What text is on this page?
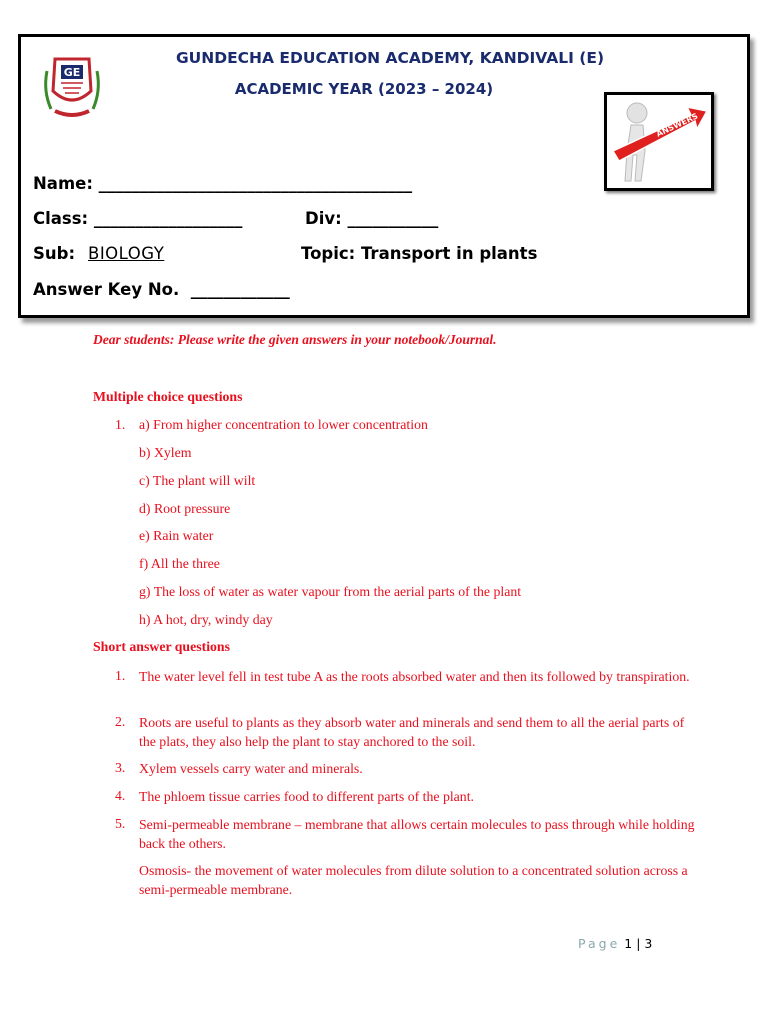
GE
GUNDECHA EDUCATION ACADEMY, KANDIVALI (E)
ACADEMIC YEAR (2023 – 2024)
ANSWERS
Name: ______________________________________
Class: __________________	Div: ___________
Sub: BIOLOGY	Topic: Transport in plants
Answer Key No.  ____________
Dear students: Please write the given answers in your notebook/Journal.
Multiple choice questions
1. a) From higher concentration to lower concentration
b) Xylem
c) The plant will wilt
d) Root pressure
e) Rain water
f) All the three
g) The loss of water as water vapour from the aerial parts of the plant
h) A hot, dry, windy day
Short answer questions
1. The water level fell in test tube A as the roots absorbed water and then its followed by transpiration.
2. Roots are useful to plants as they absorb water and minerals and send them to all the aerial parts of the plats, they also help the plant to stay anchored to the soil.
3. Xylem vessels carry water and minerals.
4. The phloem tissue carries food to different parts of the plant.
5. Semi-permeable membrane – membrane that allows certain molecules to pass through while holding back the others.
Osmosis- the movement of water molecules from dilute solution to a concentrated solution across a semi-permeable membrane.
Page 1 | 3
